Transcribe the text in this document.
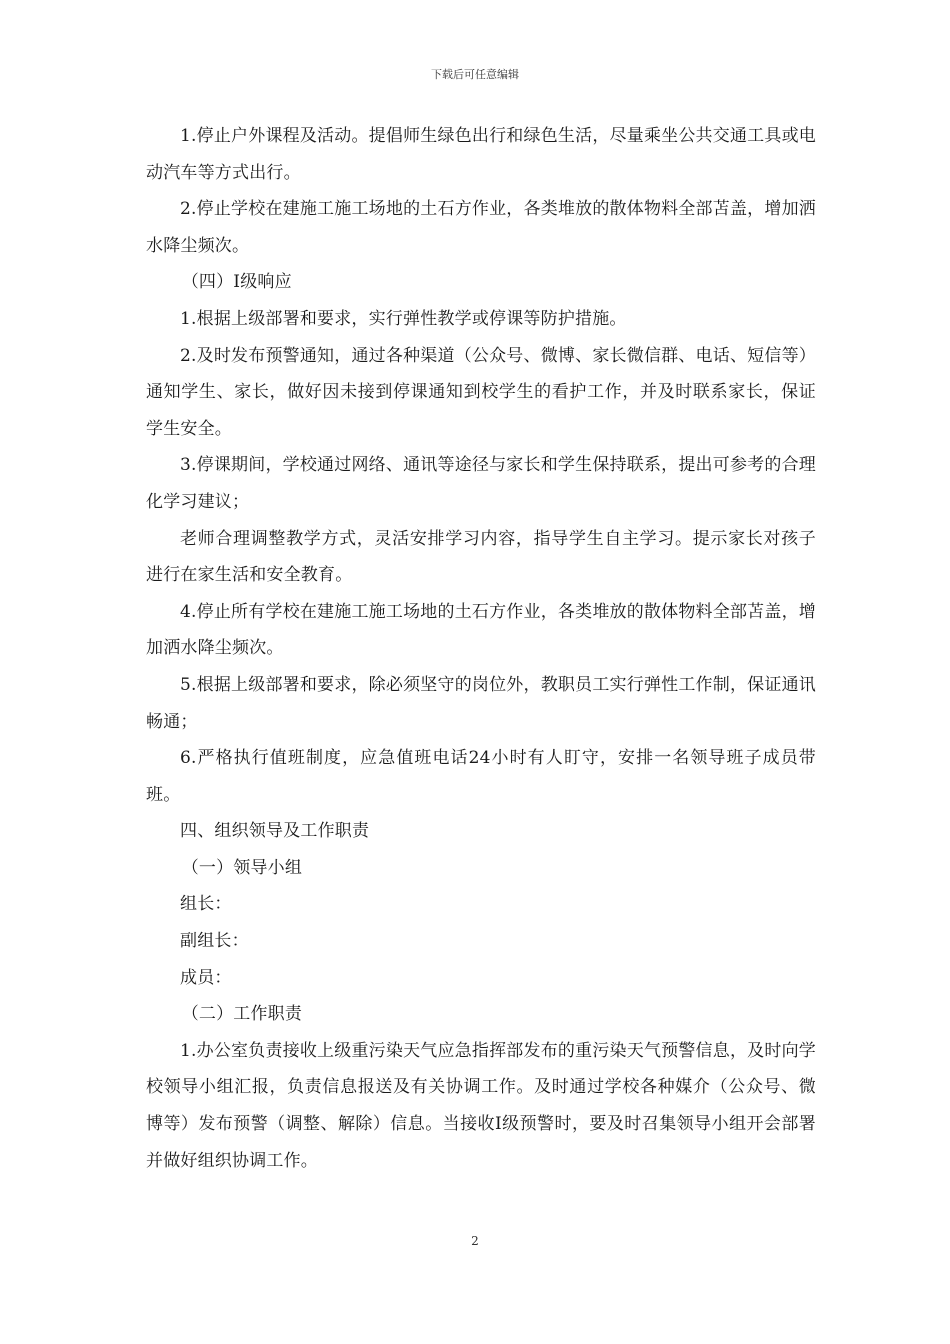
下载后可任意编辑

1.停止户外课程及活动。提倡师生绿色出行和绿色生活，尽量乘坐公共交通工具或电动汽车等方式出行。

2.停止学校在建施工施工场地的土石方作业，各类堆放的散体物料全部苫盖，增加洒水降尘频次。

（四）Ⅰ级响应

1.根据上级部署和要求，实行弹性教学或停课等防护措施。

2.及时发布预警通知，通过各种渠道（公众号、微博、家长微信群、电话、短信等）通知学生、家长，做好因未接到停课通知到校学生的看护工作，并及时联系家长，保证学生安全。

3.停课期间，学校通过网络、通讯等途径与家长和学生保持联系，提出可参考的合理化学习建议；

老师合理调整教学方式，灵活安排学习内容，指导学生自主学习。提示家长对孩子进行在家生活和安全教育。

4.停止所有学校在建施工施工场地的土石方作业，各类堆放的散体物料全部苫盖，增加洒水降尘频次。

5.根据上级部署和要求，除必须坚守的岗位外，教职员工实行弹性工作制，保证通讯畅通；

6.严格执行值班制度，应急值班电话24小时有人盯守，安排一名领导班子成员带班。

四、组织领导及工作职责

（一）领导小组

组长：

副组长：

成员：

（二）工作职责

1.办公室负责接收上级重污染天气应急指挥部发布的重污染天气预警信息，及时向学校领导小组汇报，负责信息报送及有关协调工作。及时通过学校各种媒介（公众号、微博等）发布预警（调整、解除）信息。当接收Ⅰ级预警时，要及时召集领导小组开会部署并做好组织协调工作。

2
